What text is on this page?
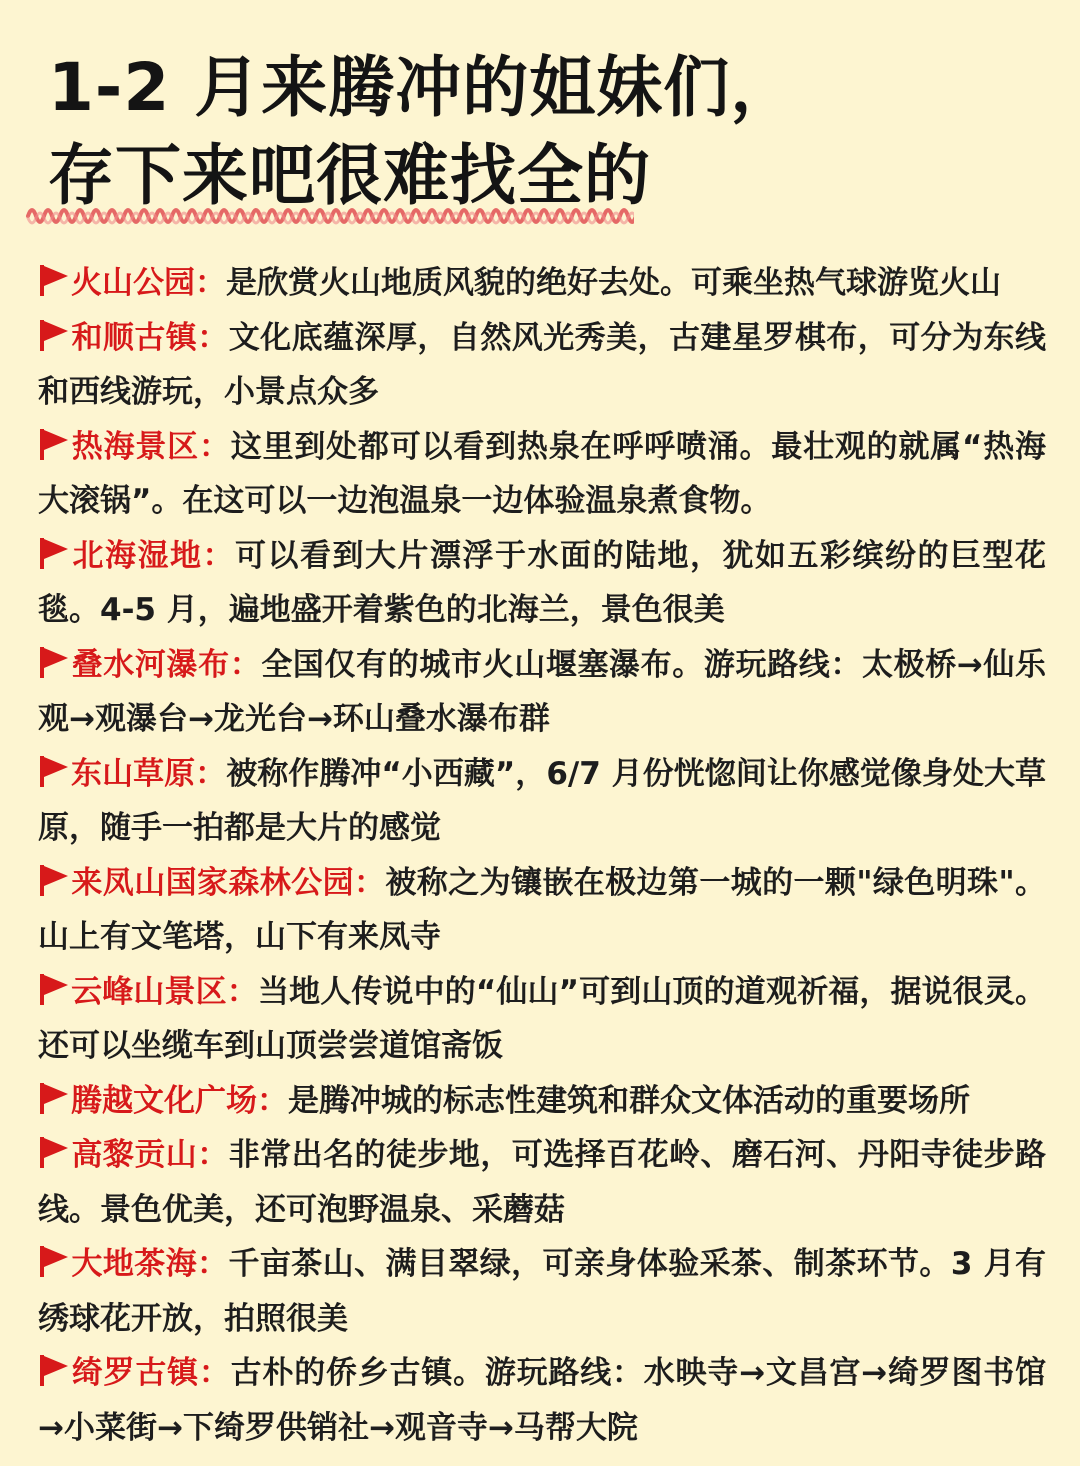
1-2 月来腾冲的姐妹们，
存下来吧很难找全的
火山公园：是欣赏火山地质风貌的绝好去处。可乘坐热气球游览火山
和顺古镇：文化底蕴深厚，自然风光秀美，古建星罗棋布，可分为东线和西线游玩，小景点众多
热海景区：这里到处都可以看到热泉在呼呼喷涌。最壮观的就属“热海大滚锅”。在这可以一边泡温泉一边体验温泉煮食物。
北海湿地：可以看到大片漂浮于水面的陆地，犹如五彩缤纷的巨型花毯。4-5 月，遍地盛开着紫色的北海兰，景色很美
叠水河瀑布：全国仅有的城市火山堰塞瀑布。游玩路线：太极桥→仙乐观→观瀑台→龙光台→环山叠水瀑布群
东山草原：被称作腾冲“小西藏”，6/7 月份恍惚间让你感觉像身处大草原，随手一拍都是大片的感觉
来凤山国家森林公园：被称之为镶嵌在极边第一城的一颗"绿色明珠"。山上有文笔塔，山下有来凤寺
云峰山景区：当地人传说中的“仙山”可到山顶的道观祈福，据说很灵。还可以坐缆车到山顶尝尝道馆斋饭
腾越文化广场：是腾冲城的标志性建筑和群众文体活动的重要场所
高黎贡山：非常出名的徒步地，可选择百花岭、磨石河、丹阳寺徒步路线。景色优美，还可泡野温泉、采蘑菇
大地茶海：千亩茶山、满目翠绿，可亲身体验采茶、制茶环节。3 月有绣球花开放，拍照很美
绮罗古镇：古朴的侨乡古镇。游玩路线：水映寺→文昌宫→绮罗图书馆→小菜街→下绮罗供销社→观音寺→马帮大院
